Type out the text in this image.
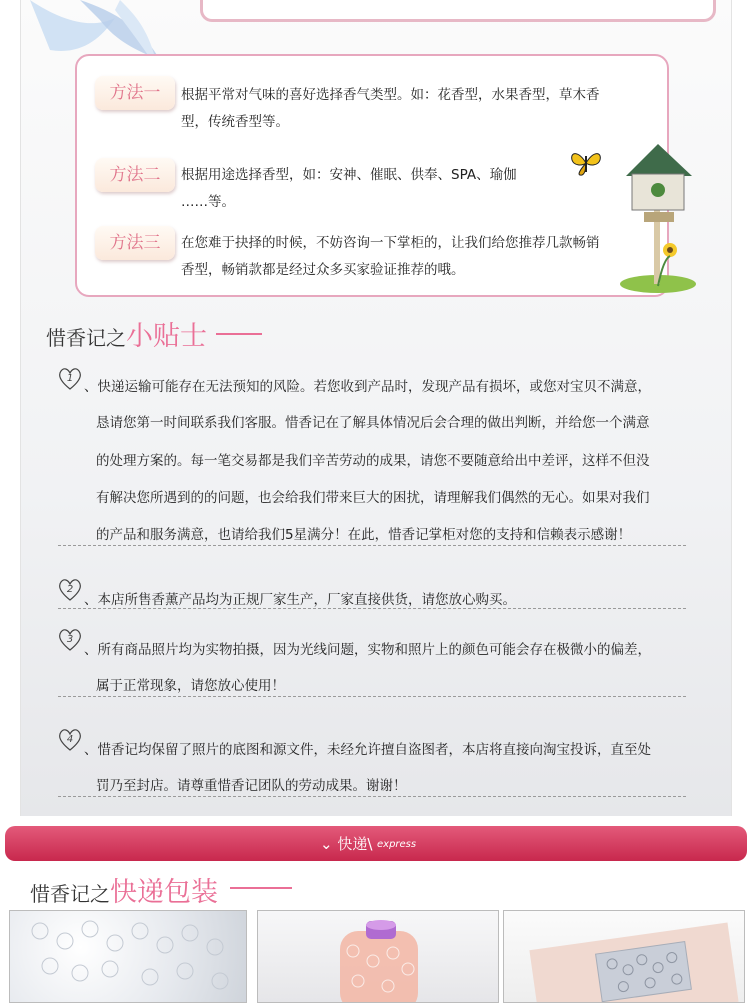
方法一	根据平常对气味的喜好选择香气类型。如：花香型，水果香型，草木香
型，传统香型等。
方法二	根据用途选择香型，如：安神、催眠、供奉、SPA、瑜伽
……等。
方法三	在您难于抉择的时候，不妨咨询一下掌柜的，让我们给您推荐几款畅销
香型，畅销款都是经过众多买家验证推荐的哦。
惜香记之小贴士
1
、快递运输可能存在无法预知的风险。若您收到产品时，发现产品有损坏，或您对宝贝不满意，
恳请您第一时间联系我们客服。惜香记在了解具体情况后会合理的做出判断，并给您一个满意
的处理方案的。每一笔交易都是我们辛苦劳动的成果，请您不要随意给出中差评，这样不但没
有解决您所遇到的的问题，也会给我们带来巨大的困扰，请理解我们偶然的无心。如果对我们
的产品和服务满意，也请给我们5星满分！在此，惜香记掌柜对您的支持和信赖表示感谢！
2
、本店所售香薰产品均为正规厂家生产，厂家直接供货，请您放心购买。
3
、所有商品照片均为实物拍摄，因为光线问题，实物和照片上的颜色可能会存在极微小的偏差，
属于正常现象，请您放心使用！
4
、惜香记均保留了照片的底图和源文件，未经允许擅自盗图者，本店将直接向淘宝投诉，直至处
罚乃至封店。请尊重惜香记团队的劳动成果。谢谢！
⌄ 快递\ express
惜香记之快递包装
